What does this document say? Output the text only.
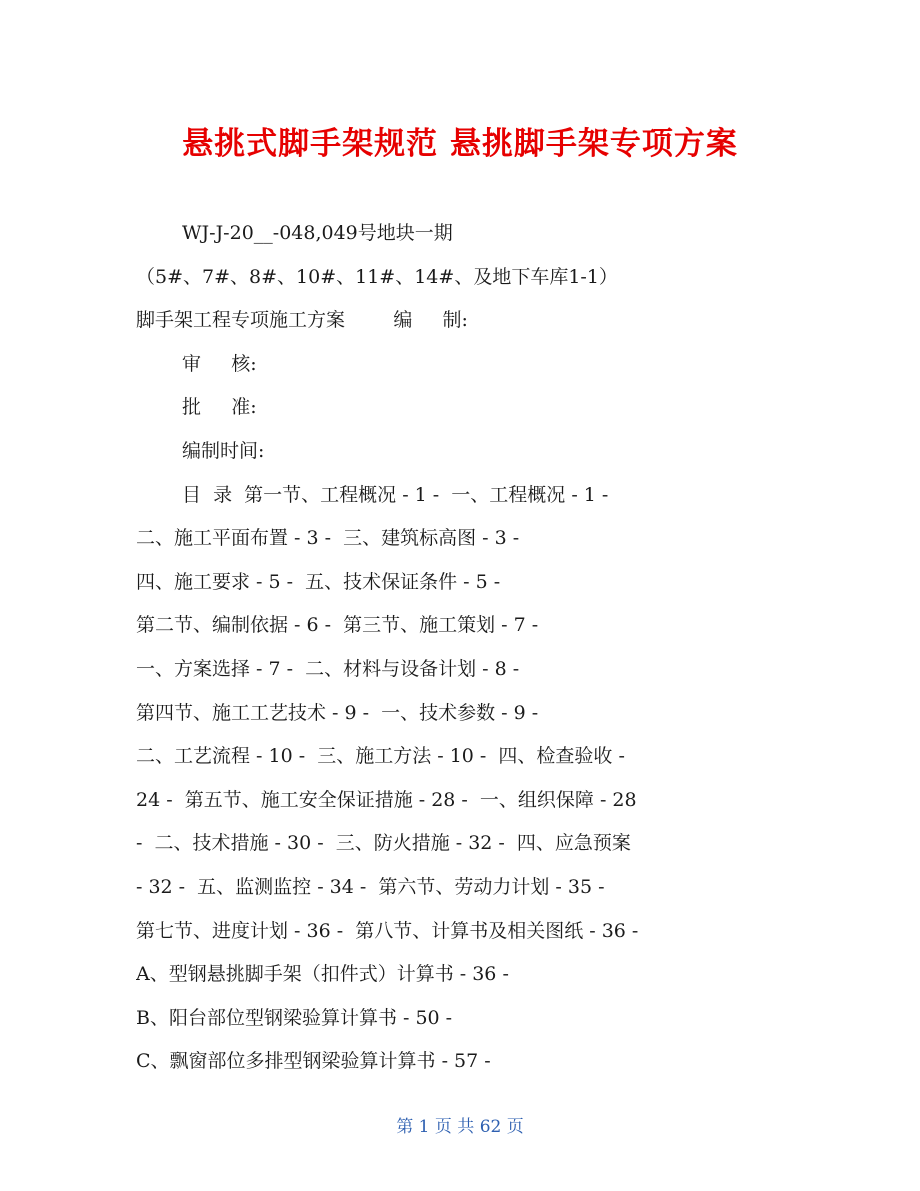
悬挑式脚手架规范 悬挑脚手架专项方案
WJ-J-20__-048,049号地块一期
（5#、7#、8#、10#、11#、14#、及地下车库1-1）
脚手架工程专项施工方案        编     制:
审     核:
批     准:
编制时间:
目  录  第一节、工程概况 - 1 -  一、工程概况 - 1 -
二、施工平面布置 - 3 -  三、建筑标高图 - 3 -
四、施工要求 - 5 -  五、技术保证条件 - 5 -
第二节、编制依据 - 6 -  第三节、施工策划 - 7 -
一、方案选择 - 7 -  二、材料与设备计划 - 8 -
第四节、施工工艺技术 - 9 -  一、技术参数 - 9 -
二、工艺流程 - 10 -  三、施工方法 - 10 -  四、检查验收 -
24 -  第五节、施工安全保证措施 - 28 -  一、组织保障 - 28
-  二、技术措施 - 30 -  三、防火措施 - 32 -  四、应急预案
- 32 -  五、监测监控 - 34 -  第六节、劳动力计划 - 35 -
第七节、进度计划 - 36 -  第八节、计算书及相关图纸 - 36 -
A、型钢悬挑脚手架（扣件式）计算书 - 36 -
B、阳台部位型钢梁验算计算书 - 50 -
C、飘窗部位多排型钢梁验算计算书 - 57 -
第 1 页 共 62 页
